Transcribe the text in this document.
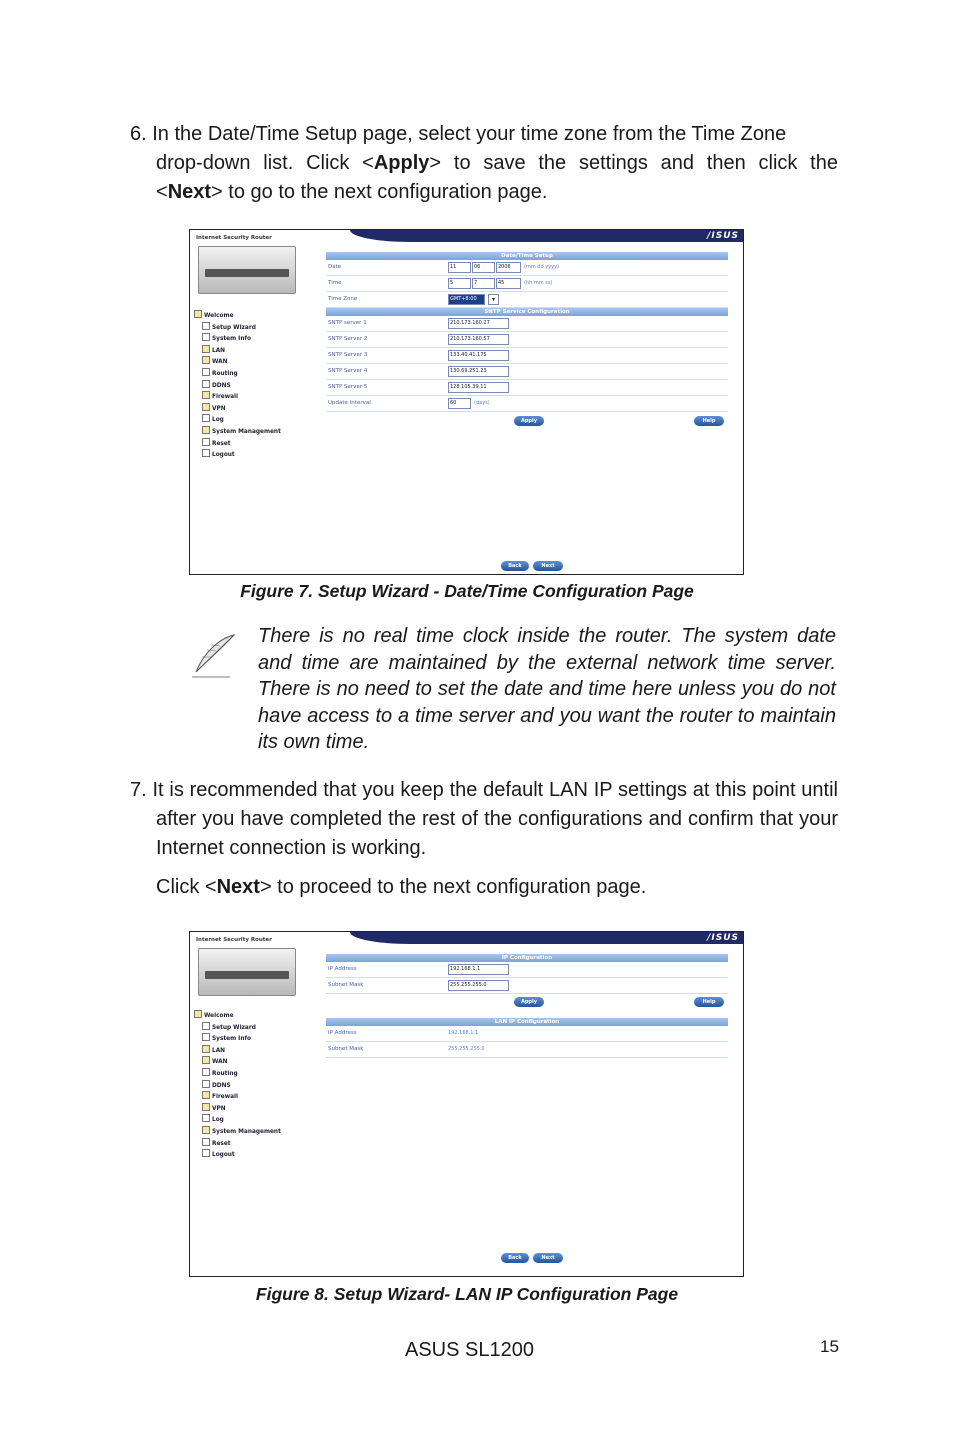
6. In the Date/Time Setup page, select your time zone from the Time Zone
drop-down list. Click <Apply> to save the settings and then click the
<Next> to go to the next configuration page.
Internet Security Router	/ISUS
Welcome
Setup Wizard
System Info
LAN
WAN
Routing
DDNS
Firewall
VPN
Log
System Management
Reset
Logout
Date/Time Setup
Date	11	06	2006	(mm dd yyyy)
Time	5	7	45	(hh mm ss)
Time Zone	GMT+8:00	▾
SNTP Service Configuration
SNTP server 1	210.173.160.27
SNTP Server 2	210.173.160.57
SNTP Server 3	133.40.41.175
SNTP Server 4	130.69.251.23
SNTP Server 5	128.105.39.11
Update Interval	60	(days)
Apply	Help
Back	Next
Figure 7. Setup Wizard - Date/Time Configuration Page
There is no real time clock inside the router. The system date and time are maintained by the external network time server. There is no need to set the date and time here unless you do not have access to a time server and you want the router to maintain its own time.
7. It is recommended that you keep the default LAN IP settings at this point until after you have completed the rest of the configurations and confirm that your Internet connection is working.
Click <Next> to proceed to the next configuration page.
Internet Security Router	/ISUS
Welcome
Setup Wizard
System Info
LAN
WAN
Routing
DDNS
Firewall
VPN
Log
System Management
Reset
Logout
IP Configuration
IP Address	192.168.1.1
Subnet Mask	255.255.255.0
Apply	Help
LAN IP Configuration
IP Address	192.168.1.1
Subnet Mask	255.255.255.0
Back	Next
Figure 8. Setup Wizard- LAN IP Configuration Page
ASUS SL1200	15
